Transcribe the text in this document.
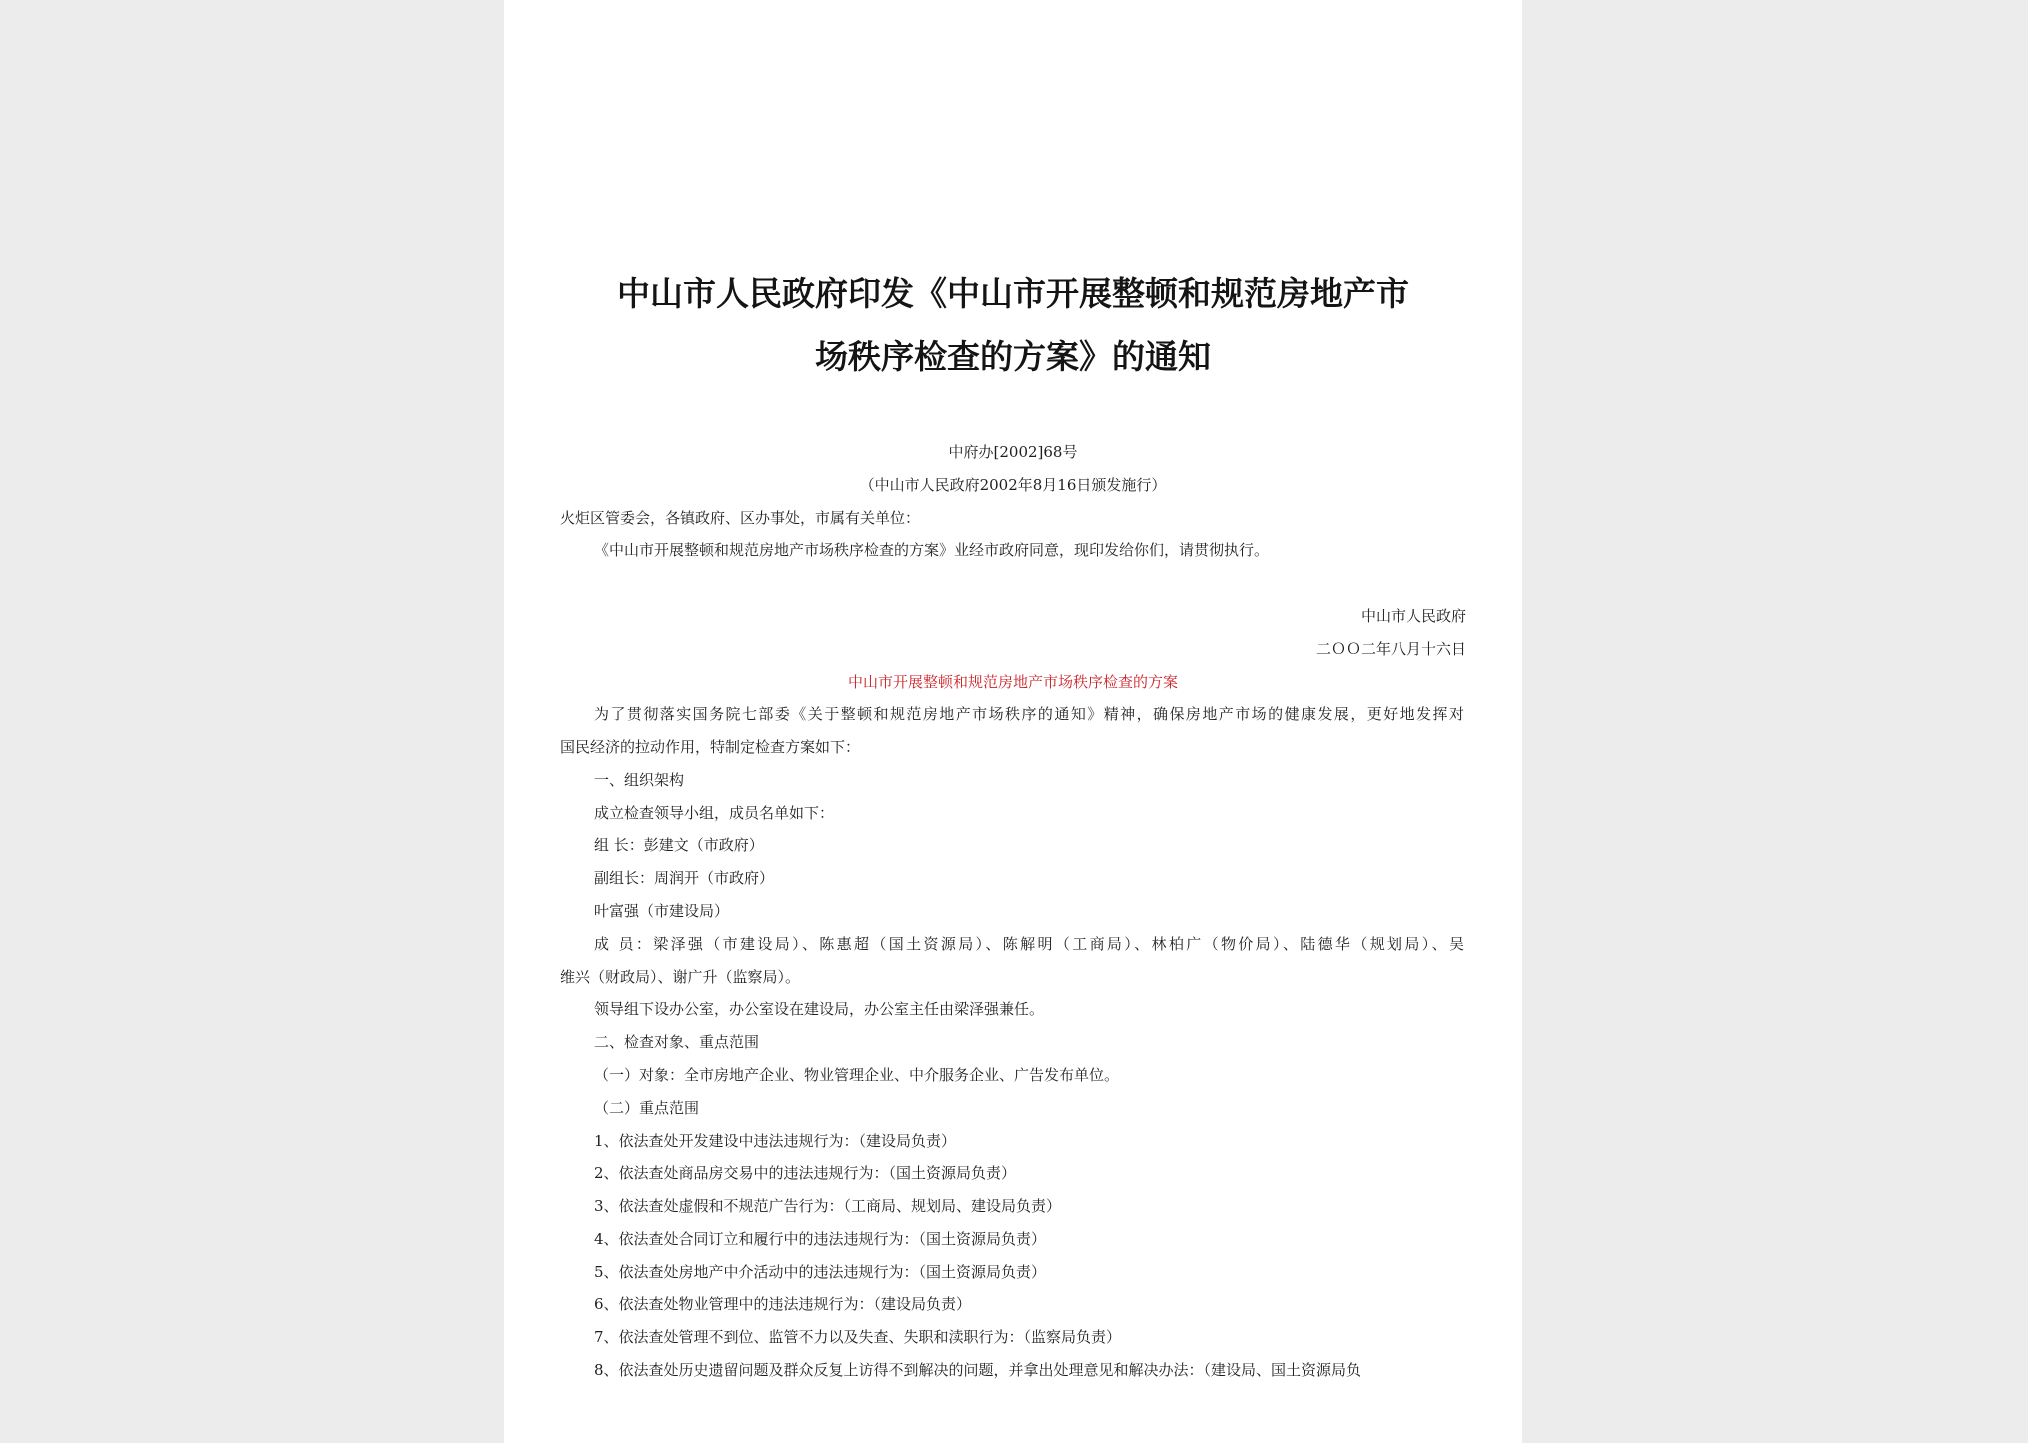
中山市人民政府印发《中山市开展整顿和规范房地产市
场秩序检查的方案》的通知
中府办[2002]68号
（中山市人民政府2002年8月16日颁发施行）
火炬区管委会，各镇政府、区办事处，市属有关单位：
《中山市开展整顿和规范房地产市场秩序检查的方案》业经市政府同意，现印发给你们，请贯彻执行。
中山市人民政府
二ＯＯ二年八月十六日
中山市开展整顿和规范房地产市场秩序检查的方案
为了贯彻落实国务院七部委《关于整顿和规范房地产市场秩序的通知》精神，确保房地产市场的健康发展，更好地发挥对
国民经济的拉动作用，特制定检查方案如下：
一、组织架构
成立检查领导小组，成员名单如下：
组 长：彭建文（市政府）
副组长：周润开（市政府）
叶富强（市建设局）
成 员：梁泽强（市建设局）、陈惠超（国土资源局）、陈解明（工商局）、林柏广（物价局）、陆德华（规划局）、吴
维兴（财政局）、谢广升（监察局）。
领导组下设办公室，办公室设在建设局，办公室主任由梁泽强兼任。
二、检查对象、重点范围
（一）对象：全市房地产企业、物业管理企业、中介服务企业、广告发布单位。
（二）重点范围
1、依法查处开发建设中违法违规行为：（建设局负责）
2、依法查处商品房交易中的违法违规行为：（国土资源局负责）
3、依法查处虚假和不规范广告行为：（工商局、规划局、建设局负责）
4、依法查处合同订立和履行中的违法违规行为：（国土资源局负责）
5、依法查处房地产中介活动中的违法违规行为：（国土资源局负责）
6、依法查处物业管理中的违法违规行为：（建设局负责）
7、依法查处管理不到位、监管不力以及失查、失职和渎职行为：（监察局负责）
8、依法查处历史遗留问题及群众反复上访得不到解决的问题，并拿出处理意见和解决办法：（建设局、国土资源局负
